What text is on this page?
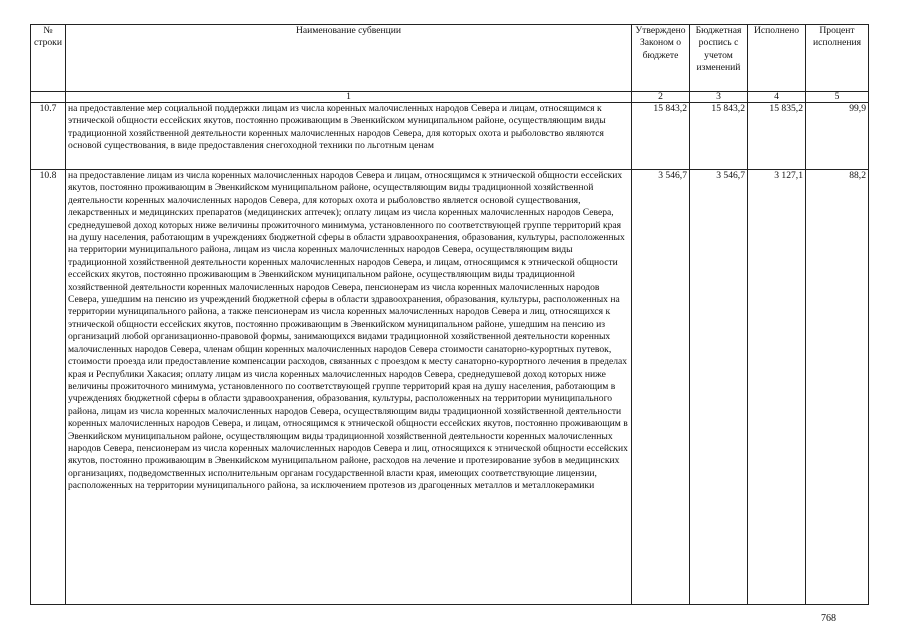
№ строки	Наименование субвенции	Утверждено Законом о бюджете	Бюджетная роспись с учетом изменений	Исполнено	Процент исполнения
	1	2	3	4	5
10.7	на предоставление мер социальной поддержки лицам из числа коренных малочисленных народов Севера и лицам, относящимся к этнической общности ессейских якутов, постоянно проживающим в Эвенкийском муниципальном районе, осуществляющим виды традиционной хозяйственной деятельности коренных малочисленных народов Севера, для которых охота и рыболовство являются основой существования, в виде предоставления снегоходной техники по льготным ценам	15 843,2	15 843,2	15 835,2	99,9
10.8	на предоставление лицам из числа коренных малочисленных народов Севера и лицам, относящимся к этнической общности ессейских якутов, постоянно проживающим в Эвенкийском муниципальном районе, осуществляющим виды традиционной хозяйственной деятельности коренных малочисленных народов Севера, для которых охота и рыболовство является основой существования, лекарственных и медицинских препаратов (медицинских аптечек); оплату лицам из числа коренных малочисленных народов Севера, среднедушевой доход которых ниже величины прожиточного минимума, установленного по соответствующей группе территорий края на душу населения, работающим в учреждениях бюджетной сферы в области здравоохранения, образования, культуры, расположенных на территории муниципального района, лицам из числа коренных малочисленных народов Севера, осуществляющим виды традиционной хозяйственной деятельности коренных малочисленных народов Севера, и лицам, относящимся к этнической общности ессейских якутов, постоянно проживающим в Эвенкийском муниципальном районе, осуществляющим виды традиционной хозяйственной деятельности коренных малочисленных народов Севера, пенсионерам из числа коренных малочисленных народов Севера, ушедшим на пенсию из учреждений бюджетной сферы в области здравоохранения, образования, культуры, расположенных на территории муниципального района, а также пенсионерам из числа коренных малочисленных народов Севера и лиц, относящихся к этнической общности ессейских якутов, постоянно проживающим в Эвенкийском муниципальном районе, ушедшим на пенсию из организаций любой организационно-правовой формы, занимающихся видами традиционной хозяйственной деятельности коренных малочисленных народов Севера, членам общин коренных малочисленных народов Севера стоимости санаторно-курортных путевок, стоимости проезда или предоставление компенсации расходов, связанных с проездом к месту санаторно-курортного лечения в пределах края и Республики Хакасия; оплату лицам из числа коренных малочисленных народов Севера, среднедушевой доход которых ниже величины прожиточного минимума, установленного по соответствующей группе территорий края на душу населения, работающим в учреждениях бюджетной сферы в области здравоохранения, образования, культуры, расположенных на территории муниципального района, лицам из числа коренных малочисленных народов Севера, осуществляющим виды традиционной хозяйственной деятельности коренных малочисленных народов Севера, и лицам, относящимся к этнической общности ессейских якутов, постоянно проживающим в Эвенкийском муниципальном районе, осуществляющим виды традиционной хозяйственной деятельности коренных малочисленных народов Севера, пенсионерам из числа коренных малочисленных народов Севера и лиц, относящихся к этнической общности ессейских якутов, постоянно проживающим в Эвенкийском муниципальном районе, расходов на лечение и протезирование зубов в медицинских организациях, подведомственных исполнительным органам государственной власти края, имеющих соответствующие лицензии, расположенных на территории муниципального района, за исключением протезов из драгоценных металлов и металлокерамики	3 546,7	3 546,7	3 127,1	88,2
768
